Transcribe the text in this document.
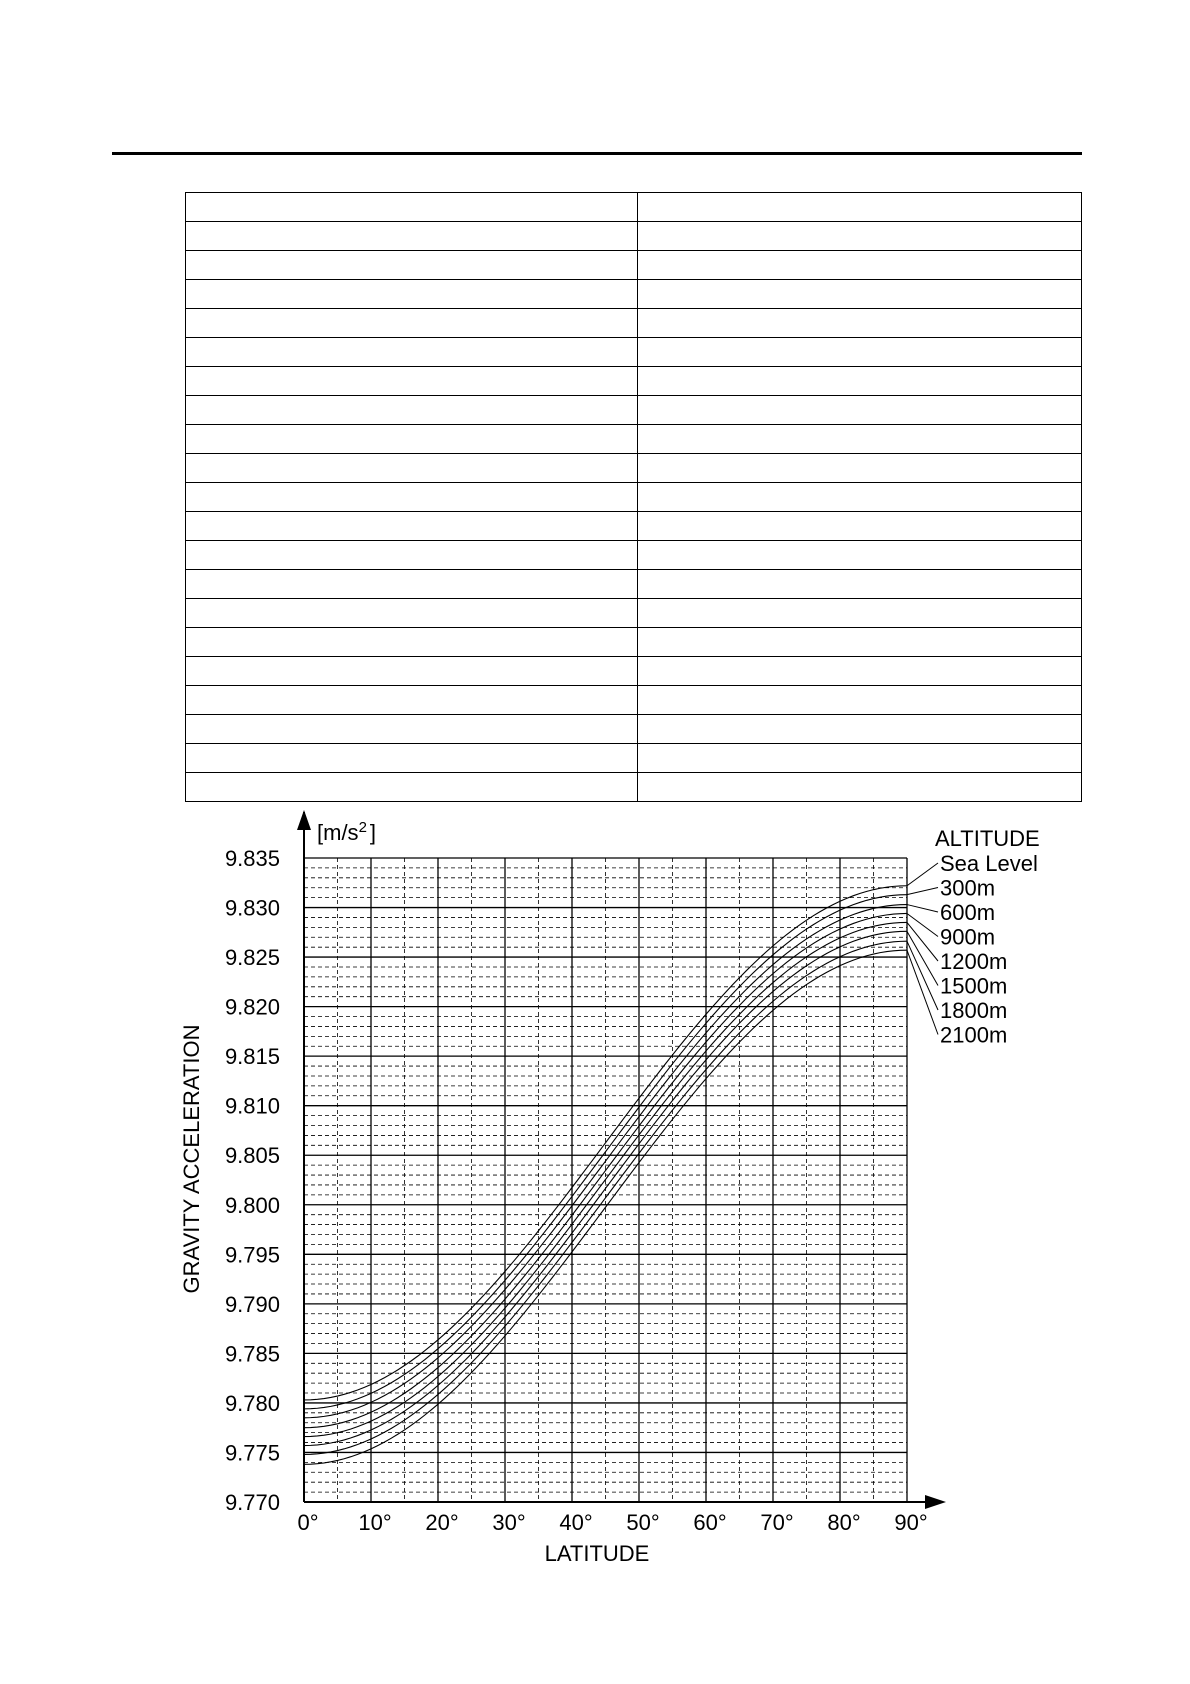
9.770
9.775
9.780
9.785
9.790
9.795
9.800
9.805
9.810
9.815
9.820
9.825
9.830
9.835
0° 10° 20° 30° 40° 50° 60° 70° 80° 90°
[$m/s^2$ ]
GRAVITY ACCELERATION
LATITUDE
ALTITUDE
Sea Level
300m
600m
900m
1200m
1500m
1800m
2100m
